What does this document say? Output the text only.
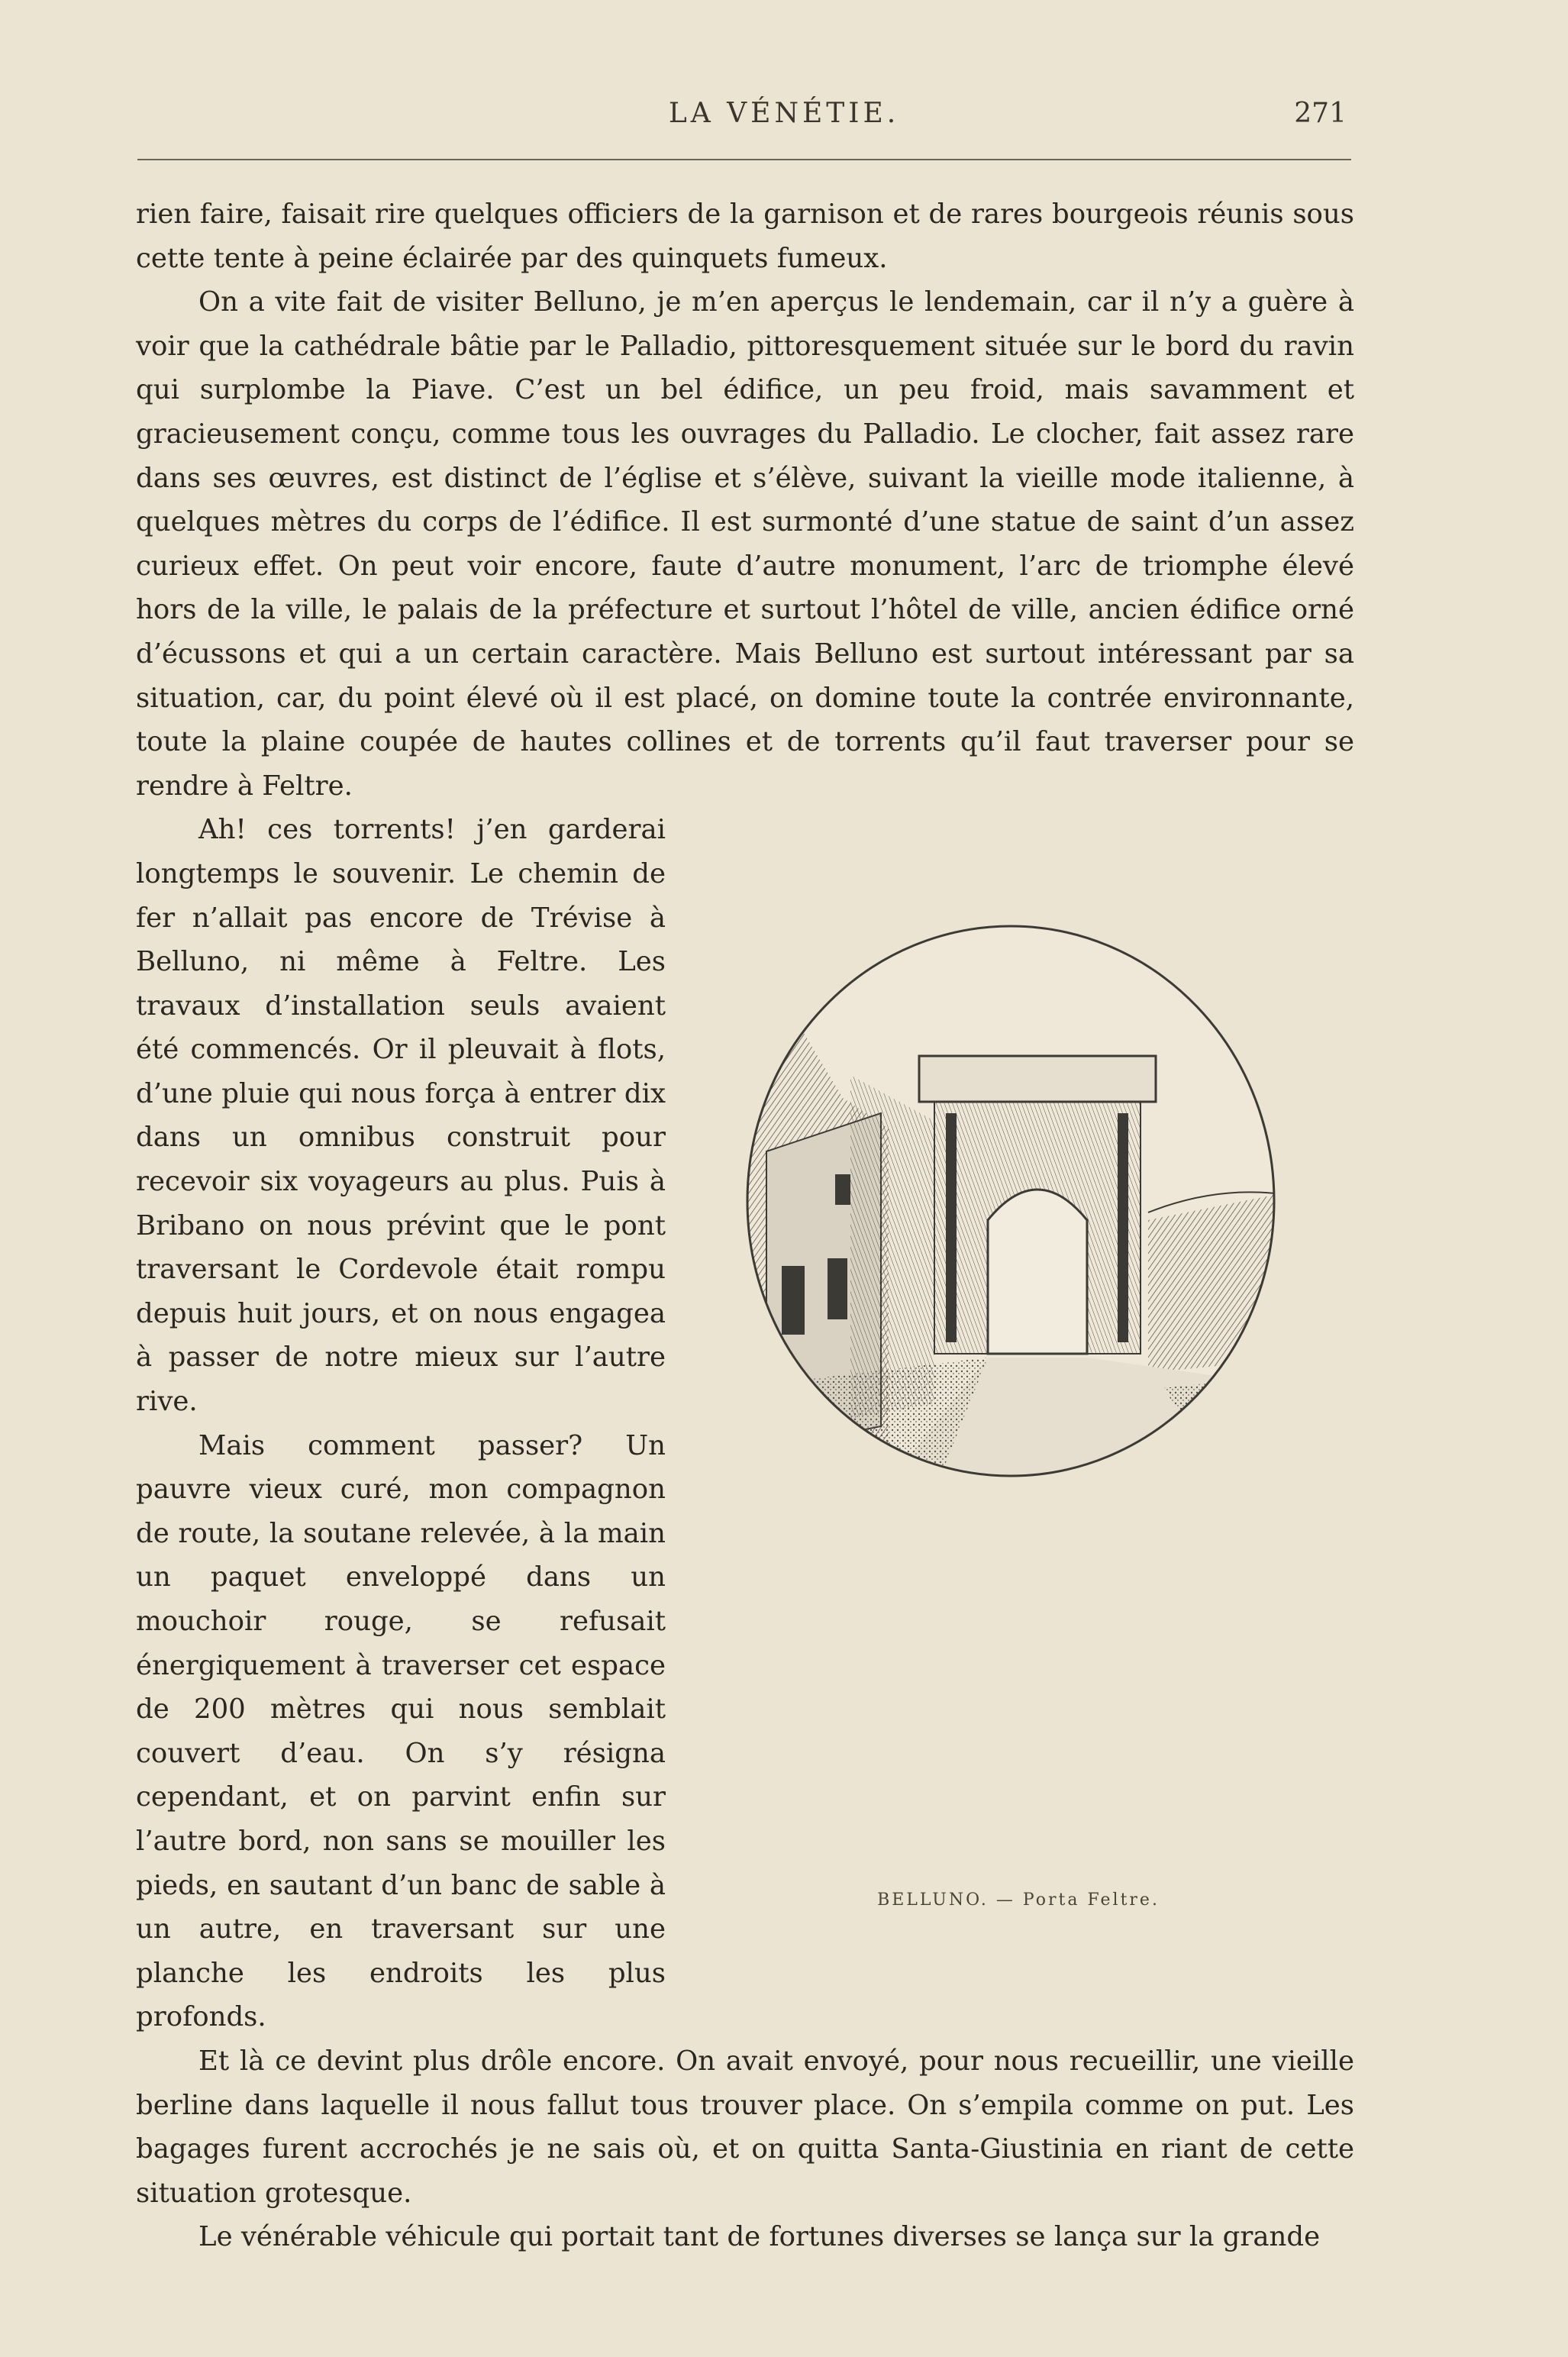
LA VÉNÉTIE.	271

rien faire, faisait rire quelques officiers de la garnison et de rares bourgeois réunis sous cette tente à peine éclairée par des quinquets fumeux.

On a vite fait de visiter Belluno, je m’en aperçus le lendemain, car il n’y a guère à voir que la cathédrale bâtie par le Palladio, pittoresquement située sur le bord du ravin qui surplombe la Piave. C’est un bel édifice, un peu froid, mais savamment et gracieusement conçu, comme tous les ouvrages du Palladio. Le clocher, fait assez rare dans ses œuvres, est distinct de l’église et s’élève, suivant la vieille mode italienne, à quelques mètres du corps de l’édifice. Il est surmonté d’une statue de saint d’un assez curieux effet. On peut voir encore, faute d’autre monument, l’arc de triomphe élevé hors de la ville, le palais de la préfecture et surtout l’hôtel de ville, ancien édifice orné d’écussons et qui a un certain caractère. Mais Belluno est surtout intéressant par sa situation, car, du point élevé où il est placé, on domine toute la contrée environnante, toute la plaine coupée de hautes collines et de torrents qu’il faut traverser pour se rendre à Feltre.

BELLUNO. — Porta Feltre.

Ah! ces torrents! j’en garderai longtemps le souvenir. Le chemin de fer n’allait pas encore de Trévise à Belluno, ni même à Feltre. Les travaux d’installation seuls avaient été commencés. Or il pleuvait à flots, d’une pluie qui nous força à entrer dix dans un omnibus construit pour recevoir six voyageurs au plus. Puis à Bribano on nous prévint que le pont traversant le Cordevole était rompu depuis huit jours, et on nous engagea à passer de notre mieux sur l’autre rive.

Mais comment passer? Un pauvre vieux curé, mon compagnon de route, la soutane relevée, à la main un paquet enveloppé dans un mouchoir rouge, se refusait énergiquement à traverser cet espace de 200 mètres qui nous semblait couvert d’eau. On s’y résigna cependant, et on parvint enfin sur l’autre bord, non sans se mouiller les pieds, en sautant d’un banc de sable à un autre, en traversant sur une planche les endroits les plus profonds.

Et là ce devint plus drôle encore. On avait envoyé, pour nous recueillir, une vieille berline dans laquelle il nous fallut tous trouver place. On s’empila comme on put. Les bagages furent accrochés je ne sais où, et on quitta Santa-Giustinia en riant de cette situation grotesque.

Le vénérable véhicule qui portait tant de fortunes diverses se lança sur la grande
